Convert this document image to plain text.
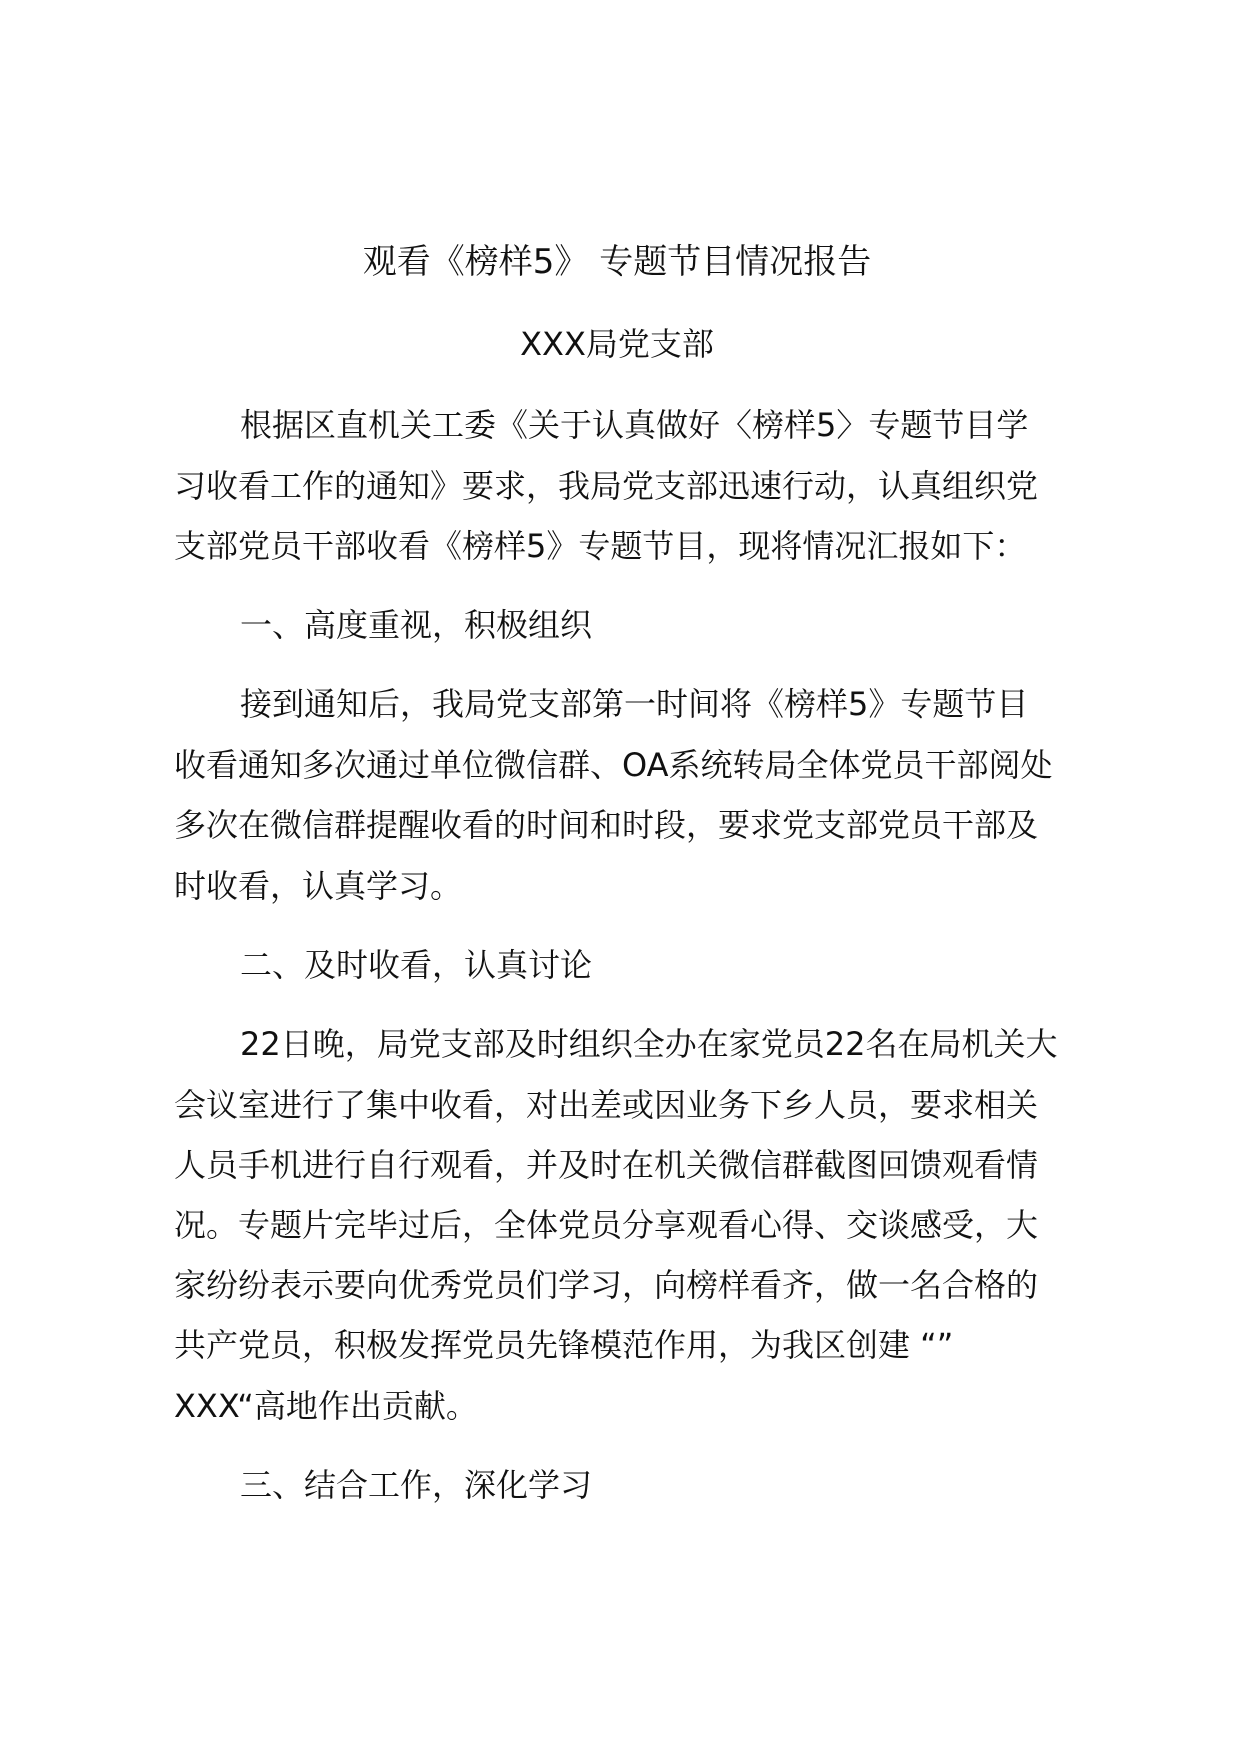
观看《榜样5》 专题节目情况报告
XXX局党支部
根据区直机关工委《关于认真做好〈榜样5〉专题节目学
习收看工作的通知》要求，我局党支部迅速行动，认真组织党
支部党员干部收看《榜样5》专题节目，现将情况汇报如下：
一、高度重视，积极组织
接到通知后，我局党支部第一时间将《榜样5》专题节目
收看通知多次通过单位微信群、OA系统转局全体党员干部阅处
多次在微信群提醒收看的时间和时段，要求党支部党员干部及
时收看，认真学习。
二、及时收看，认真讨论
22日晚，局党支部及时组织全办在家党员22名在局机关大
会议室进行了集中收看，对出差或因业务下乡人员，要求相关
人员手机进行自行观看，并及时在机关微信群截图回馈观看情
况。专题片完毕过后，全体党员分享观看心得、交谈感受，大
家纷纷表示要向优秀党员们学习，向榜样看齐，做一名合格的
共产党员，积极发挥党员先锋模范作用，为我区创建 “”
XXX“高地作出贡献。
三、结合工作，深化学习
